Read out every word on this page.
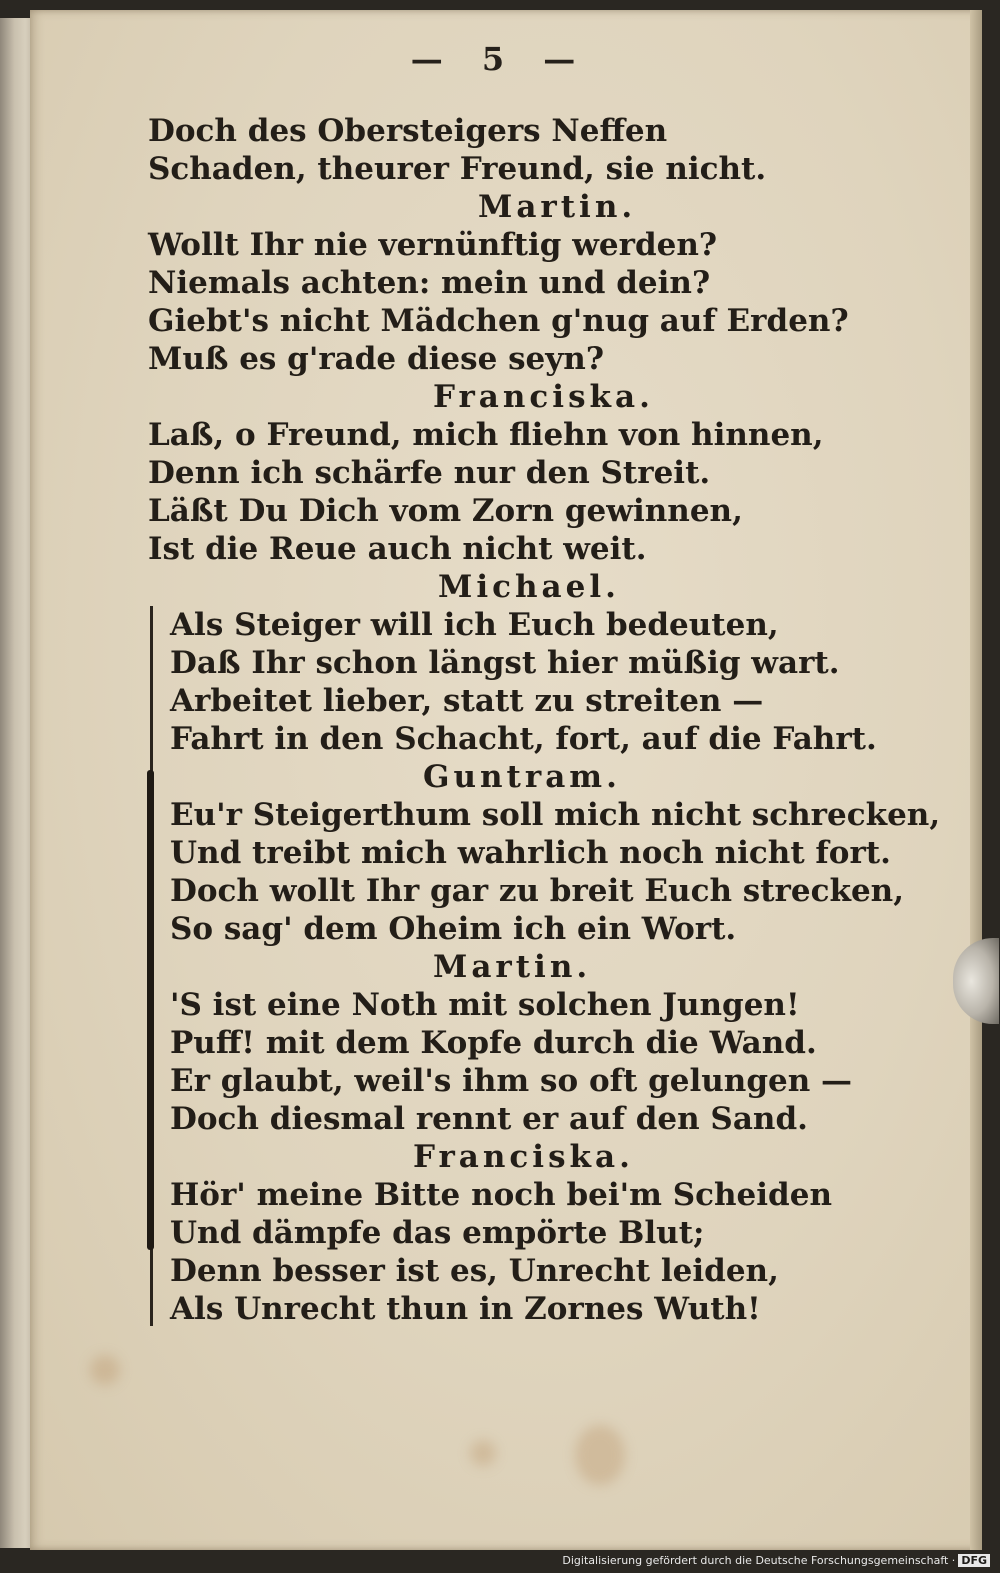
— 5 —
Doch des Obersteigers Neffen
Schaden, theurer Freund, sie nicht.
Martin.
Wollt Ihr nie vernünftig werden?
Niemals achten: mein und dein?
Giebt's nicht Mädchen g'nug auf Erden?
Muß es g'rade diese seyn?
Franciska.
Laß, o Freund, mich fliehn von hinnen,
Denn ich schärfe nur den Streit.
Läßt Du Dich vom Zorn gewinnen,
Ist die Reue auch nicht weit.
Michael.
Als Steiger will ich Euch bedeuten,
Daß Ihr schon längst hier müßig wart.
Arbeitet lieber, statt zu streiten —
Fahrt in den Schacht, fort, auf die Fahrt.
Guntram.
Eu'r Steigerthum soll mich nicht schrecken,
Und treibt mich wahrlich noch nicht fort.
Doch wollt Ihr gar zu breit Euch strecken,
So sag' dem Oheim ich ein Wort.
Martin.
'S ist eine Noth mit solchen Jungen!
Puff! mit dem Kopfe durch die Wand.
Er glaubt, weil's ihm so oft gelungen —
Doch diesmal rennt er auf den Sand.
Franciska.
Hör' meine Bitte noch bei'm Scheiden
Und dämpfe das empörte Blut;
Denn besser ist es, Unrecht leiden,
Als Unrecht thun in Zornes Wuth!
Digitalisierung gefördert durch die Deutsche Forschungsgemeinschaft · DFG
